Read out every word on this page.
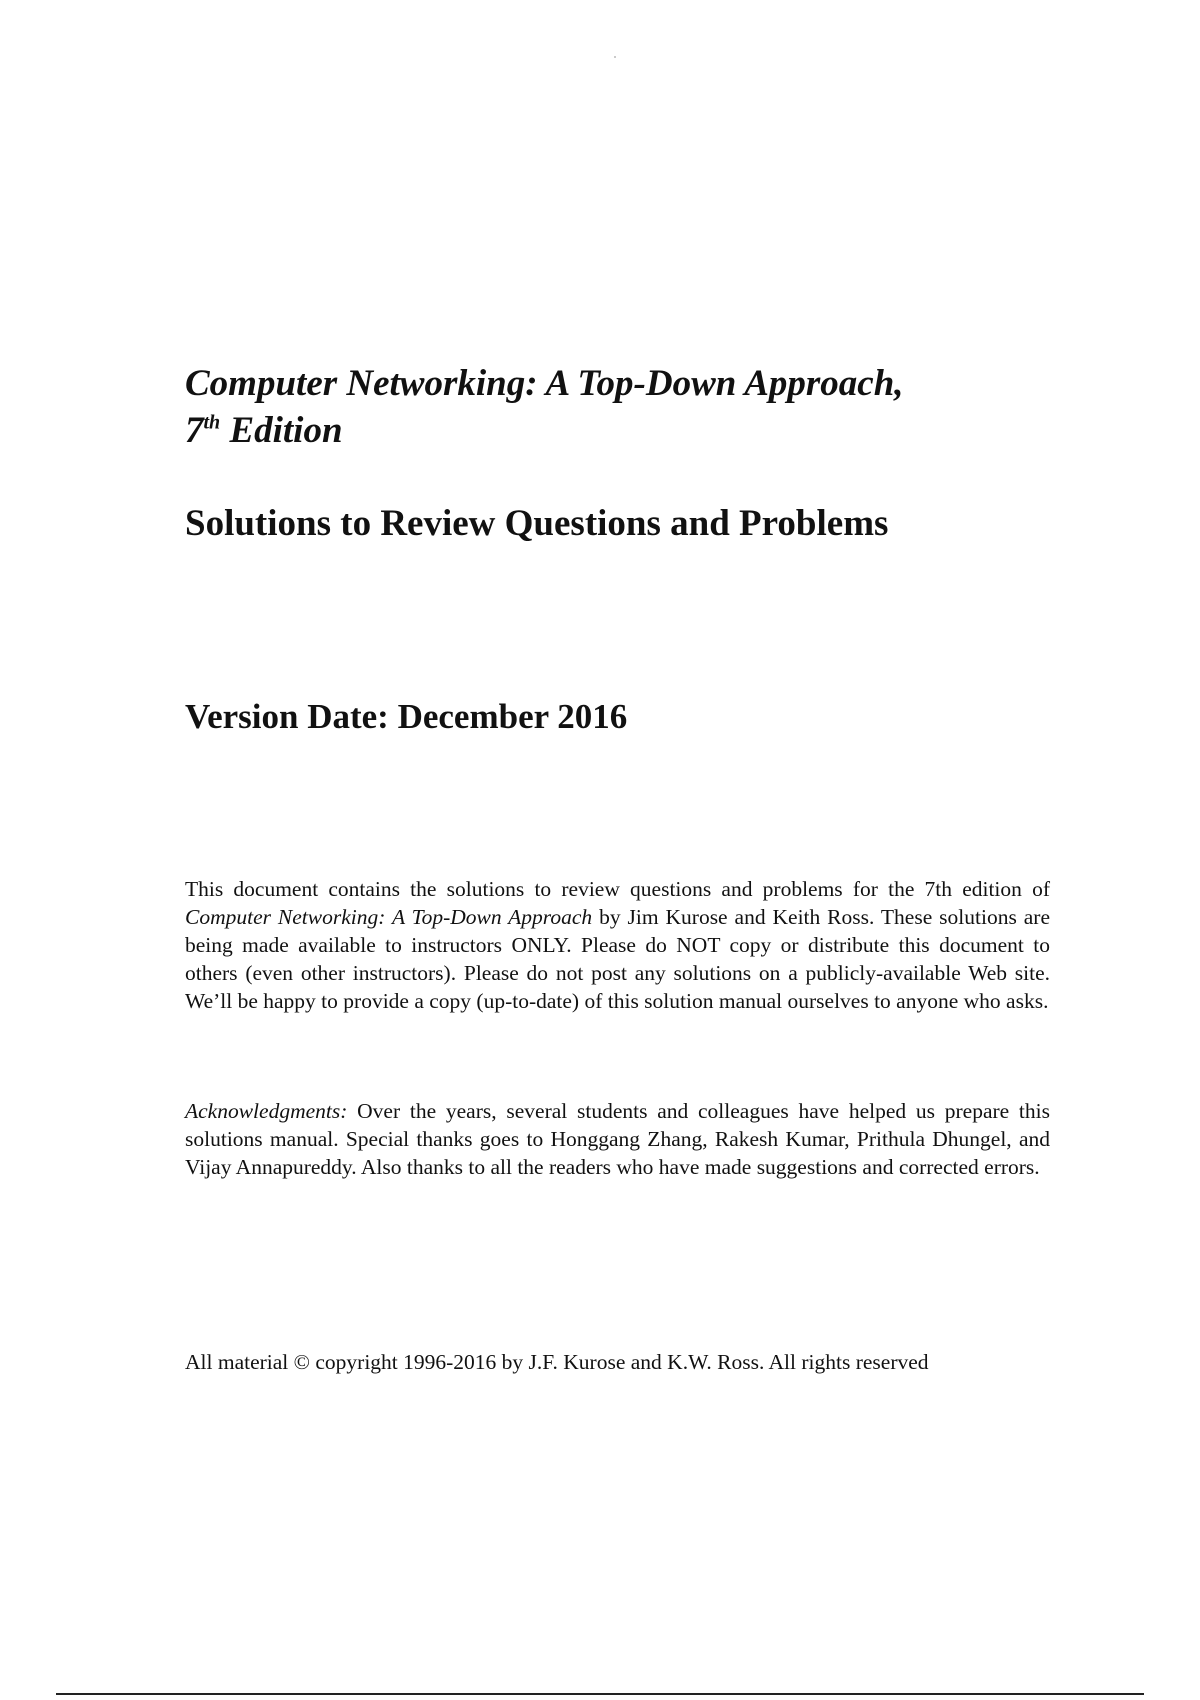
Computer Networking: A Top-Down Approach,
7th Edition
Solutions to Review Questions and Problems
Version Date: December 2016

This document contains the solutions to review questions and problems for the 7th edition of Computer Networking: A Top-Down Approach by Jim Kurose and Keith Ross. These solutions are being made available to instructors ONLY. Please do NOT copy or distribute this document to others (even other instructors). Please do not post any solutions on a publicly-available Web site. We’ll be happy to provide a copy (up-to-date) of this solution manual ourselves to anyone who asks.

Acknowledgments: Over the years, several students and colleagues have helped us prepare this solutions manual. Special thanks goes to Honggang Zhang, Rakesh Kumar, Prithula Dhungel, and Vijay Annapureddy. Also thanks to all the readers who have made suggestions and corrected errors.

All material © copyright 1996-2016 by J.F. Kurose and K.W. Ross. All rights reserved
